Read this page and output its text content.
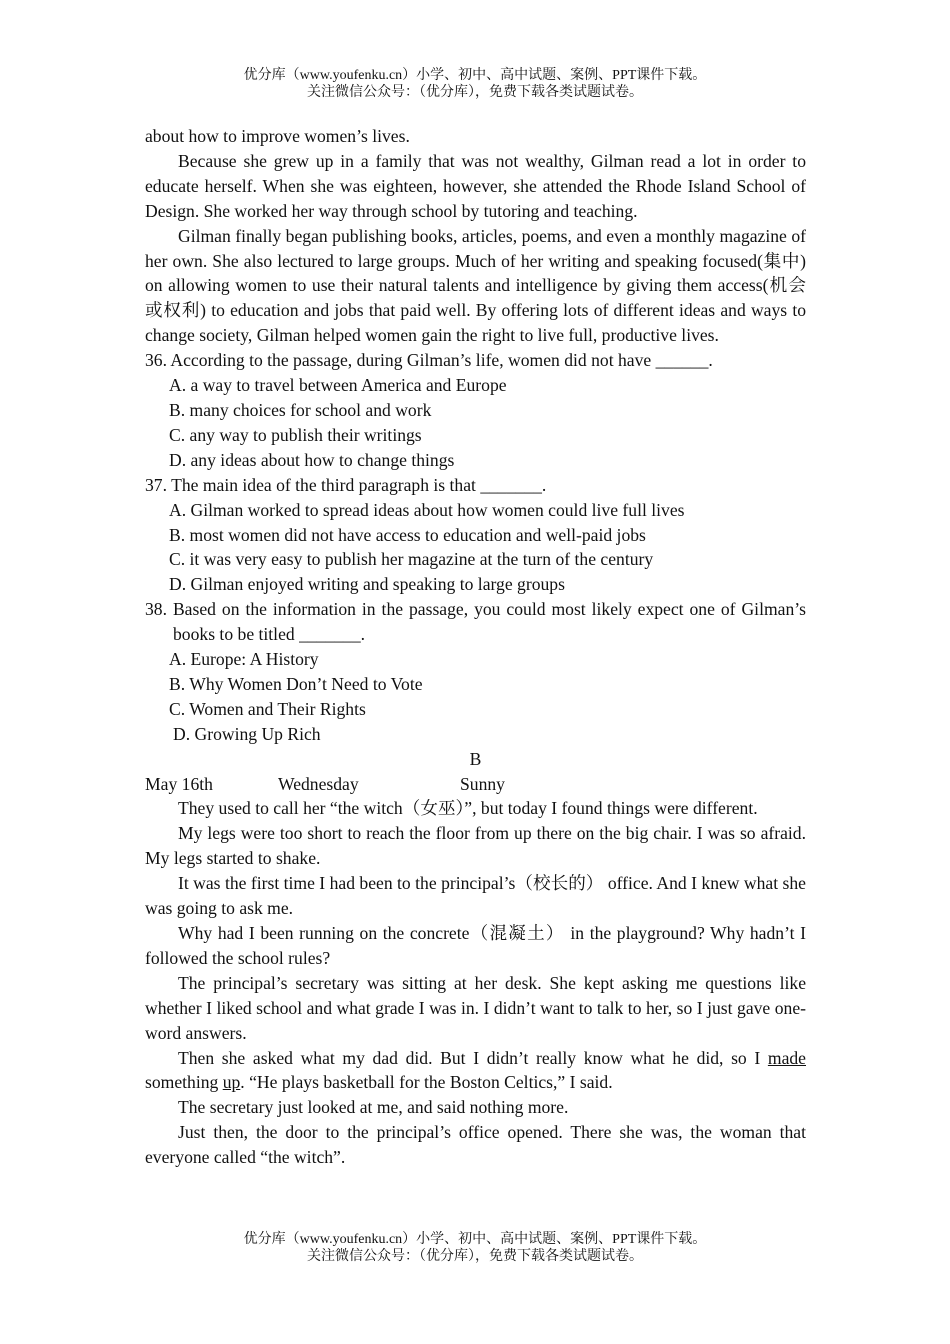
优分库（www.youfenku.cn）小学、初中、高中试题、案例、PPT课件下载。
关注微信公众号：（优分库），免费下载各类试题试卷。
about how to improve women’s lives.
Because she grew up in a family that was not wealthy, Gilman read a lot in order to educate herself. When she was eighteen, however, she attended the Rhode Island School of Design. She worked her way through school by tutoring and teaching.
Gilman finally began publishing books, articles, poems, and even a monthly magazine of her own. She also lectured to large groups. Much of her writing and speaking focused(集中) on allowing women to use their natural talents and intelligence by giving them access(机会或权利) to education and jobs that paid well. By offering lots of different ideas and ways to change society, Gilman helped women gain the right to live full, productive lives.
36. According to the passage, during Gilman’s life, women did not have ______.
A. a way to travel between America and Europe
B. many choices for school and work
C. any way to publish their writings
D. any ideas about how to change things
37. The main idea of the third paragraph is that _______.
A. Gilman worked to spread ideas about how women could live full lives
B. most women did not have access to education and well-paid jobs
C. it was very easy to publish her magazine at the turn of the century
D. Gilman enjoyed writing and speaking to large groups
38. Based on the information in the passage, you could most likely expect one of Gilman’s books to be titled _______.
A. Europe: A History
B. Why Women Don’t Need to Vote
C. Women and Their Rights
D. Growing Up Rich
B
May 16th	Wednesday	Sunny
They used to call her “the witch（女巫）”, but today I found things were different.
My legs were too short to reach the floor from up there on the big chair. I was so afraid. My legs started to shake.
It was the first time I had been to the principal’s（校长的） office. And I knew what she was going to ask me.
Why had I been running on the concrete（混凝土） in the playground? Why hadn’t I followed the school rules?
The principal’s secretary was sitting at her desk. She kept asking me questions like whether I liked school and what grade I was in. I didn’t want to talk to her, so I just gave one-word answers.
Then she asked what my dad did. But I didn’t really know what he did, so I made something up. “He plays basketball for the Boston Celtics,” I said.
The secretary just looked at me, and said nothing more.
Just then, the door to the principal’s office opened. There she was, the woman that everyone called “the witch”.
优分库（www.youfenku.cn）小学、初中、高中试题、案例、PPT课件下载。
关注微信公众号：（优分库），免费下载各类试题试卷。
